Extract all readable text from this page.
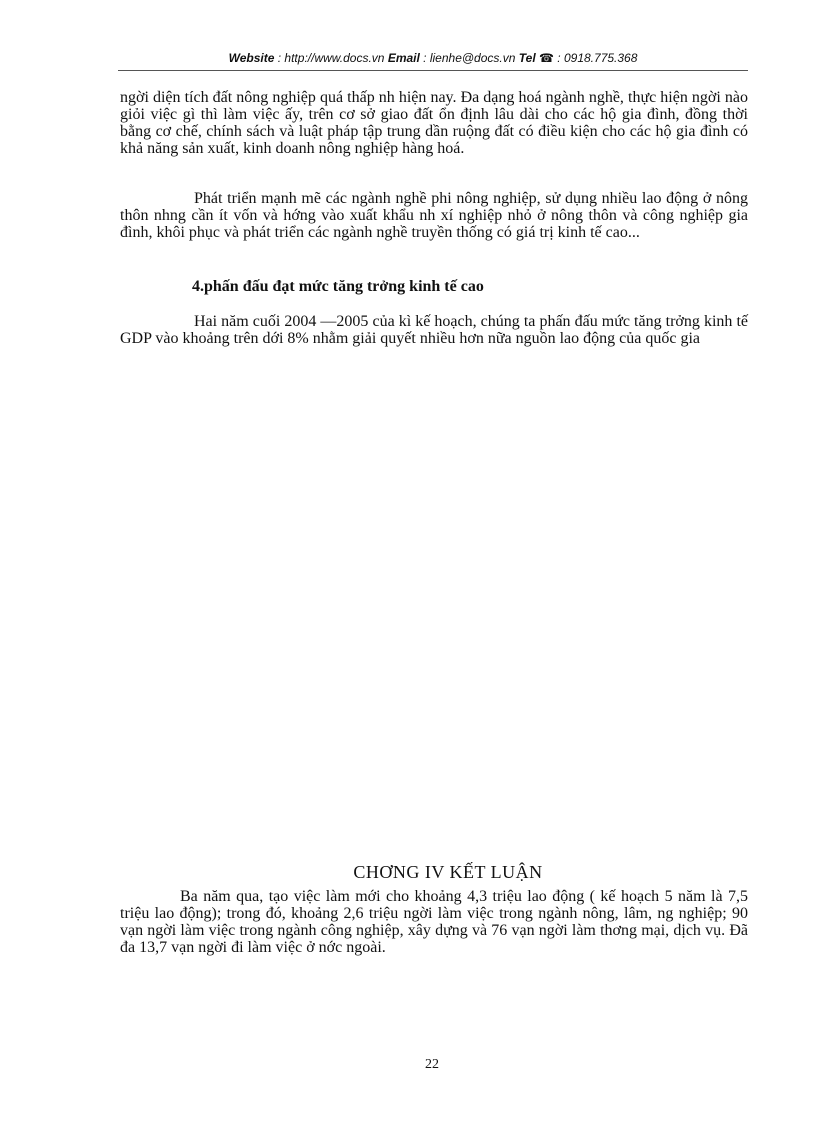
Website : http://www.docs.vn Email : lienhe@docs.vn Tel ☎ : 0918.775.368

ngời diện tích đất nông nghiệp quá thấp nh hiện nay. Đa dạng hoá ngành nghề, thực hiện ngời nào giỏi việc gì thì làm việc ấy, trên cơ sở giao đất ổn định lâu dài cho các hộ gia đình, đồng thời bằng cơ chế, chính sách và luật pháp tập trung dần ruộng đất có điều kiện cho các hộ gia đình có khả năng sản xuất, kinh doanh nông nghiệp hàng hoá.

Phát triển mạnh mẽ các ngành nghề phi nông nghiệp, sử dụng nhiều lao động ở nông thôn nhng cần ít vốn và hớng vào xuất khẩu nh xí nghiệp nhỏ ở nông thôn và công nghiệp gia đình, khôi phục và phát triển các ngành nghề truyền thống có giá trị kinh tế cao...

4.phấn đấu đạt mức tăng trởng kinh tế cao

Hai năm cuối 2004 —2005 của kì kế hoạch, chúng ta phấn đấu mức tăng trởng kinh tế GDP vào khoảng trên dới 8% nhằm giải quyết nhiều hơn nữa nguồn lao động của quốc gia

CHƠNG IV KẾT LUẬN

Ba năm qua, tạo việc làm mới cho khoảng 4,3 triệu lao động ( kế hoạch 5 năm là 7,5 triệu lao động); trong đó, khoảng 2,6 triệu ngời làm việc trong ngành nông, lâm, ng nghiệp; 90 vạn ngời làm việc trong ngành công nghiệp, xây dựng và 76 vạn ngời làm thơng mại, dịch vụ. Đã đa 13,7 vạn ngời đi làm việc ở nớc ngoài.

22
